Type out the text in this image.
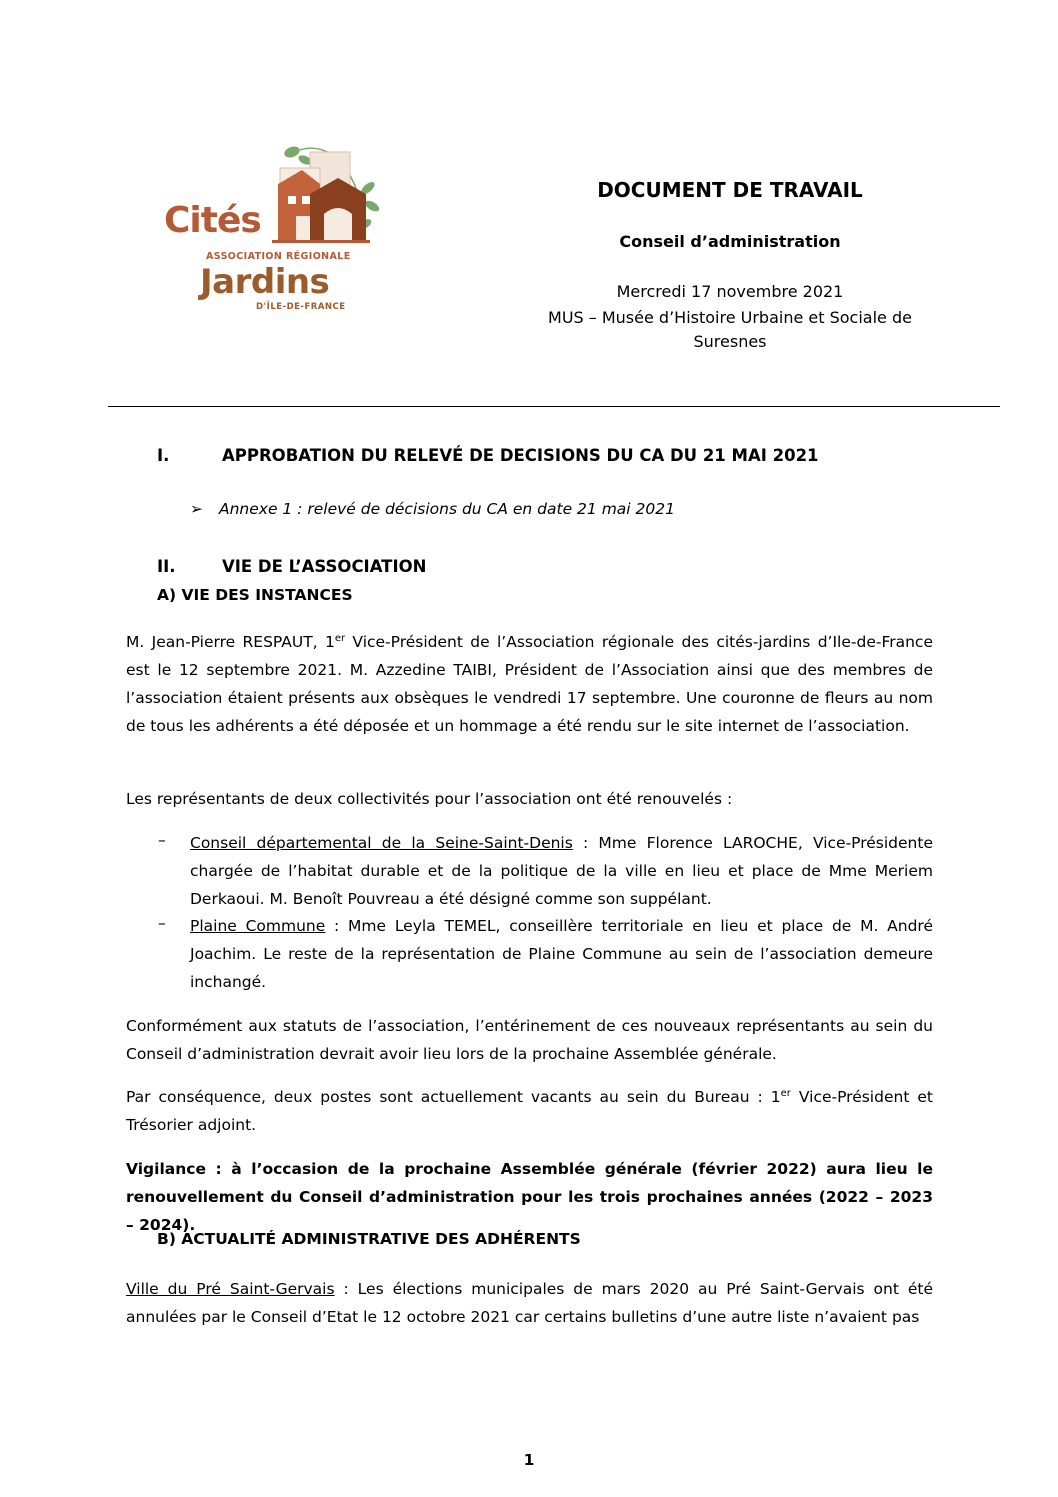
Cités
ASSOCIATION RÉGIONALE
Jardins
D'ÎLE-DE-FRANCE
DOCUMENT DE TRAVAIL
Conseil d’administration
Mercredi 17 novembre 2021
MUS – Musée d’Histoire Urbaine et Sociale de
Suresnes
I.	APPROBATION DU RELEVÉ DE DECISIONS DU CA DU 21 MAI 2021
➢ Annexe 1 : relevé de décisions du CA en date 21 mai 2021
II.	VIE DE L’ASSOCIATION
A) VIE DES INSTANCES

M. Jean-Pierre RESPAUT, 1er Vice-Président de l’Association régionale des cités-jardins d’Ile-de-France est le 12 septembre 2021. M. Azzedine TAIBI, Président de l’Association ainsi que des membres de l’association étaient présents aux obsèques le vendredi 17 septembre. Une couronne de fleurs au nom de tous les adhérents a été déposée et un hommage a été rendu sur le site internet de l’association.

Les représentants de deux collectivités pour l’association ont été renouvelés :

– Conseil départemental de la Seine-Saint-Denis : Mme Florence LAROCHE, Vice-Présidente chargée de l’habitat durable et de la politique de la ville en lieu et place de Mme Meriem Derkaoui. M. Benoît Pouvreau a été désigné comme son suppélant.

– Plaine Commune : Mme Leyla TEMEL, conseillère territoriale en lieu et place de M. André Joachim. Le reste de la représentation de Plaine Commune au sein de l’association demeure inchangé.

Conformément aux statuts de l’association, l’entérinement de ces nouveaux représentants au sein du Conseil d’administration devrait avoir lieu lors de la prochaine Assemblée générale.

Par conséquence, deux postes sont actuellement vacants au sein du Bureau : 1er Vice-Président et Trésorier adjoint.

Vigilance : à l’occasion de la prochaine Assemblée générale (février 2022) aura lieu le renouvellement du Conseil d’administration pour les trois prochaines années (2022 – 2023 – 2024).

B) ACTUALITÉ ADMINISTRATIVE DES ADHÉRENTS

Ville du Pré Saint-Gervais : Les élections municipales de mars 2020 au Pré Saint-Gervais ont été annulées par le Conseil d’Etat le 12 octobre 2021 car certains bulletins d’une autre liste n’avaient pas

1
